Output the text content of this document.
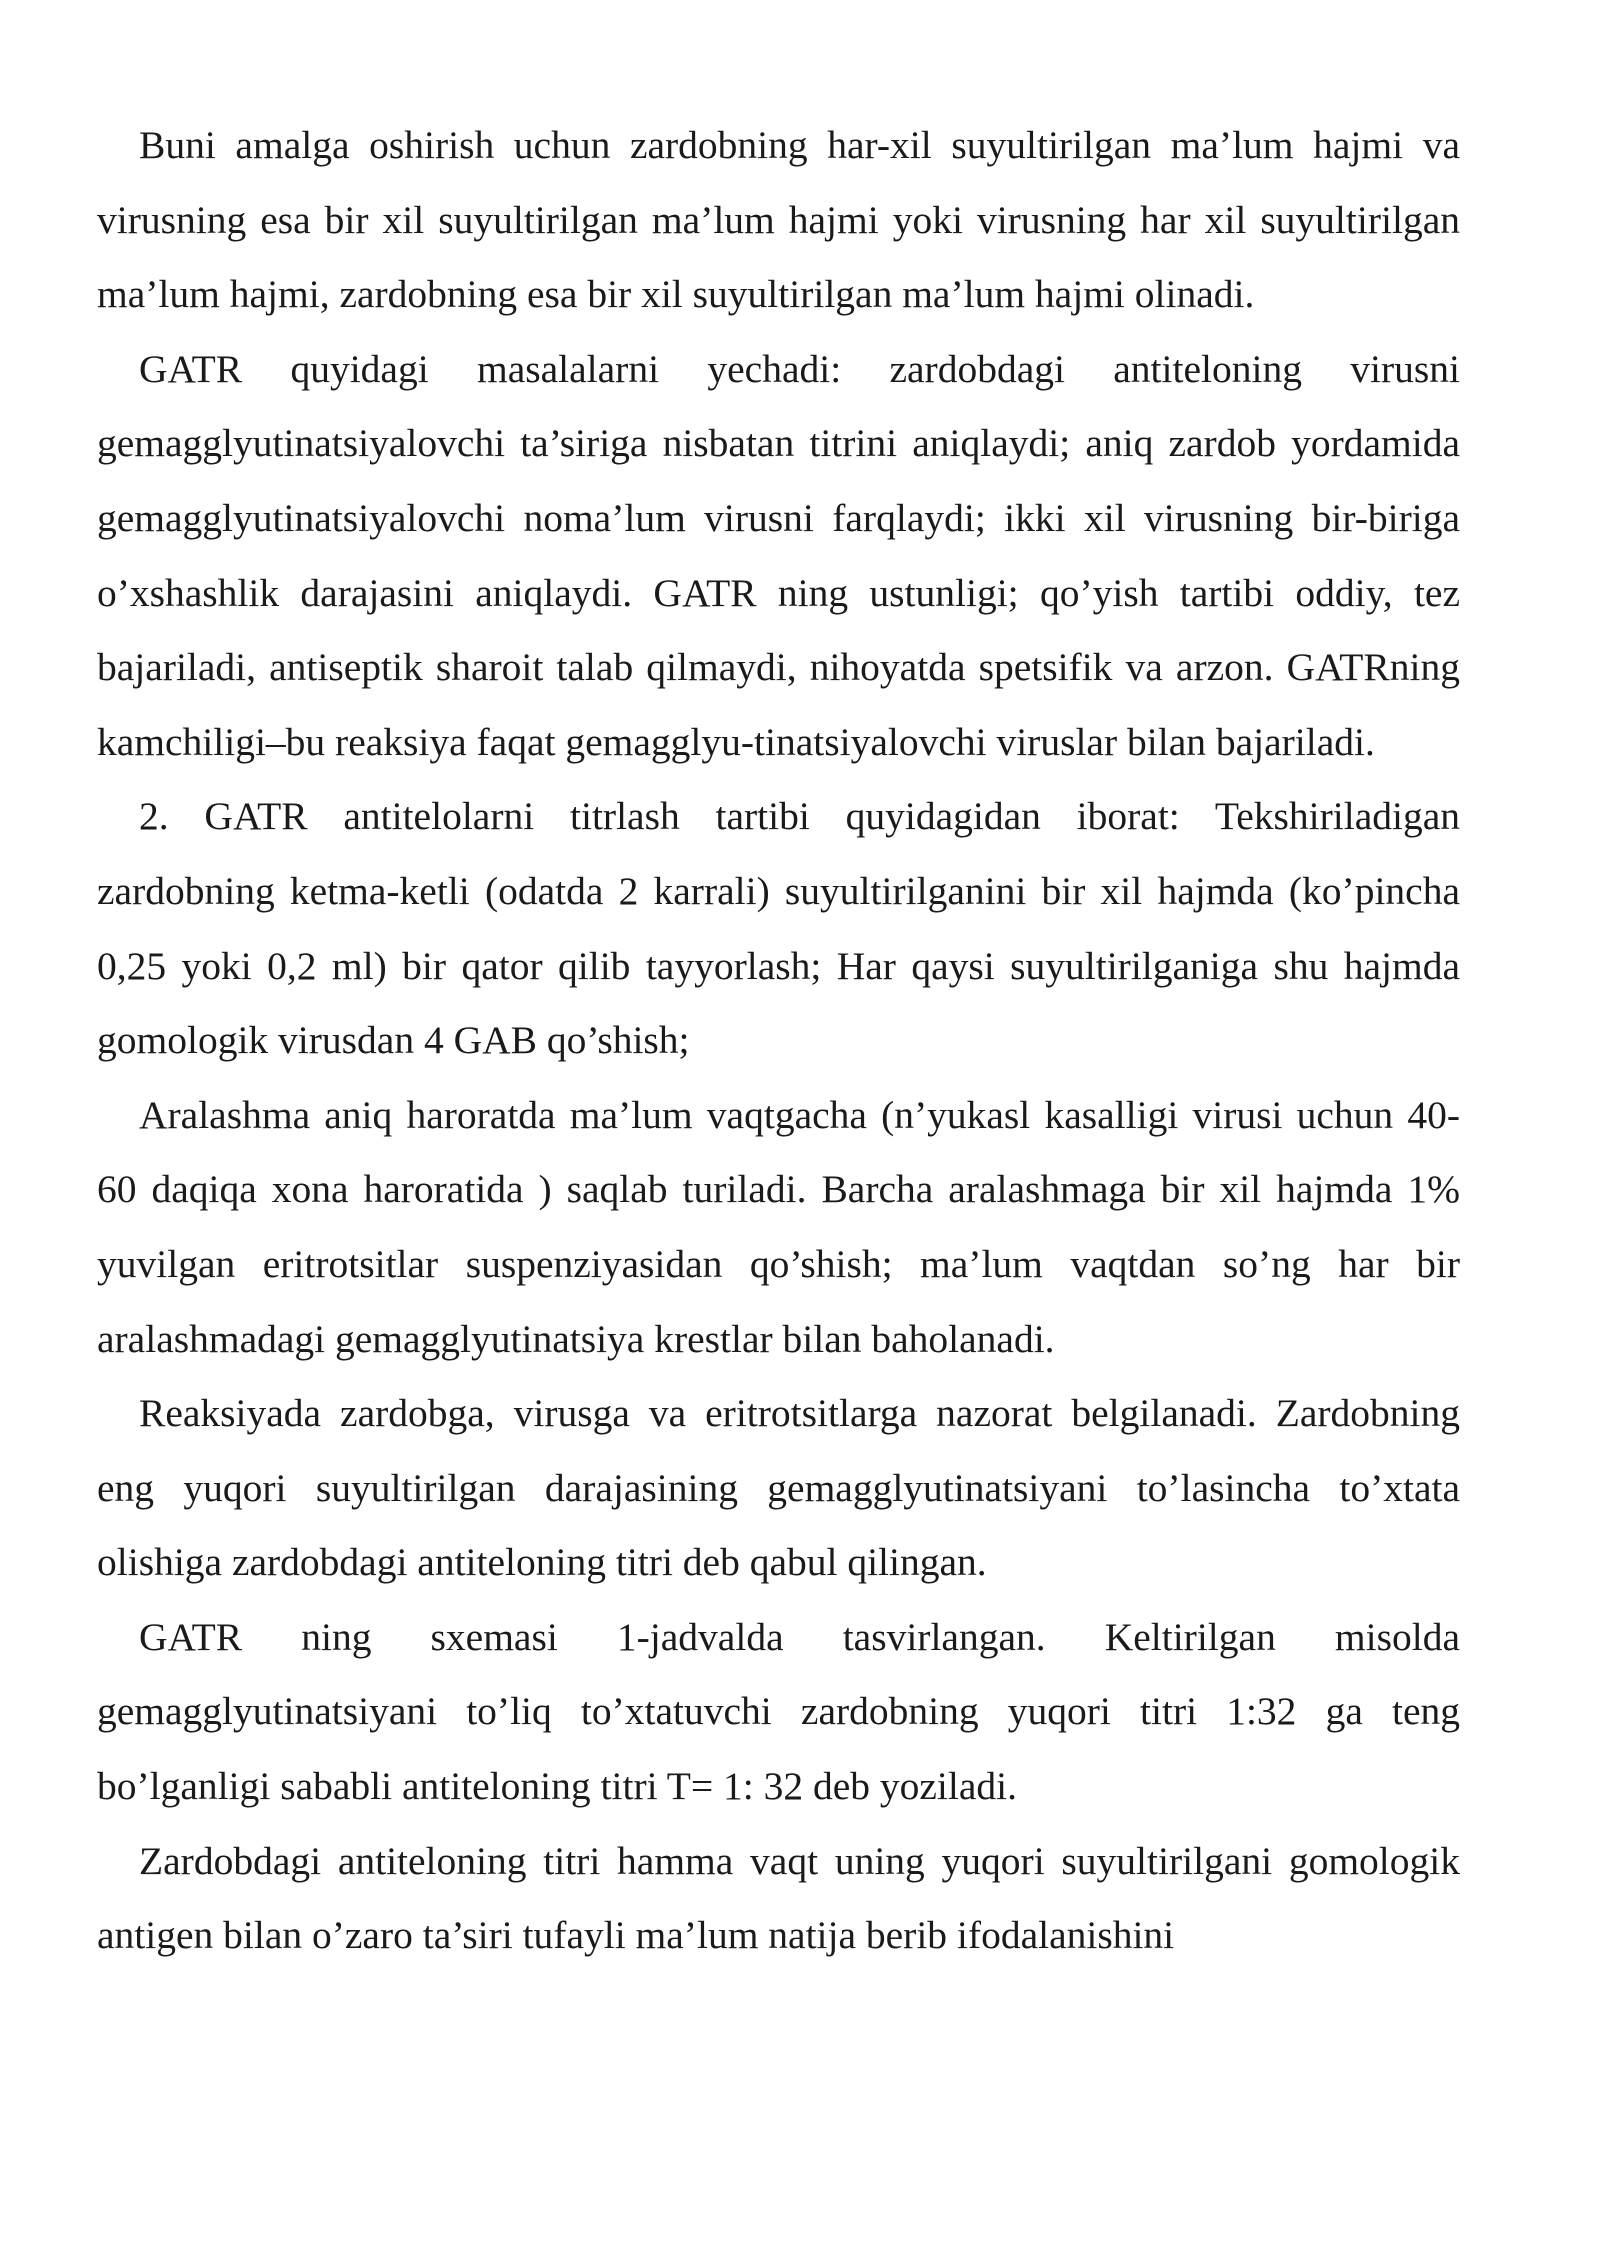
Buni amalga oshirish uchun zardobning har-xil suyultirilgan ma’lum hajmi va virusning esa bir xil suyultirilgan ma’lum hajmi yoki virusning har xil suyultirilgan ma’lum hajmi, zardobning esa bir xil suyultirilgan ma’lum hajmi olinadi.

GATR quyidagi masalalarni yechadi: zardobdagi antiteloning virusni gemagglyutinatsiyalovchi ta’siriga nisbatan titrini aniqlaydi; aniq zardob yordamida gemagglyutinatsiyalovchi noma’lum virusni farqlaydi; ikki xil virusning bir-biriga o’xshashlik darajasini aniqlaydi. GATR ning ustunligi; qo’yish tartibi oddiy, tez bajariladi, antiseptik sharoit talab qilmaydi, nihoyatda spetsifik va arzon. GATRning kamchiligi–bu reaksiya faqat gemagglyu-tinatsiyalovchi viruslar bilan bajariladi.

2. GATR antitelolarni titrlash tartibi quyidagidan iborat: Tekshiriladigan zardobning ketma-ketli (odatda 2 karrali) suyultirilganini bir xil hajmda (ko’pincha 0,25 yoki 0,2 ml) bir qator qilib tayyorlash; Har qaysi suyultirilganiga shu hajmda gomologik virusdan 4 GAB qo’shish;

Aralashma aniq haroratda ma’lum vaqtgacha (n’yukasl kasalligi virusi uchun 40-60 daqiqa xona haroratida ) saqlab turiladi. Barcha aralashmaga bir xil hajmda 1% yuvilgan eritrotsitlar suspenziyasidan qo’shish; ma’lum vaqtdan so’ng har bir aralashmadagi gemagglyutinatsiya krestlar bilan baholanadi.

Reaksiyada zardobga, virusga va eritrotsitlarga nazorat belgilanadi. Zardobning eng yuqori suyultirilgan darajasining gemagglyutinatsiyani to’lasincha to’xtata olishiga zardobdagi antiteloning titri deb qabul qilingan.

GATR ning sxemasi 1-jadvalda tasvirlangan. Keltirilgan misolda gemagglyutinatsiyani to’liq to’xtatuvchi zardobning yuqori titri 1:32 ga teng bo’lganligi sababli antiteloning titri T= 1: 32 deb yoziladi.

Zardobdagi antiteloning titri hamma vaqt uning yuqori suyultirilgani gomologik antigen bilan o’zaro ta’siri tufayli ma’lum natija berib ifodalanishini
